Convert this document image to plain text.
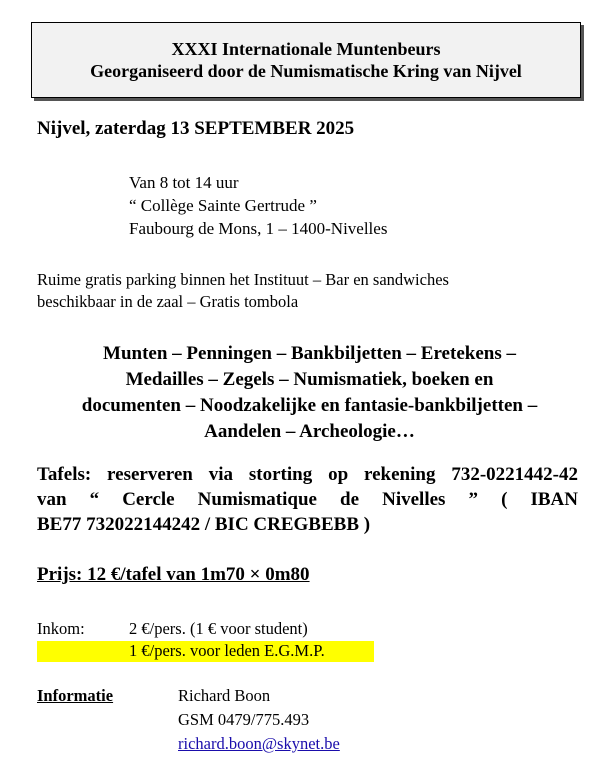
XXXI Internationale Muntenbeurs
Georganiseerd door de Numismatische Kring van Nijvel
Nijvel, zaterdag 13 SEPTEMBER 2025
Van 8 tot 14 uur
“ Collège Sainte Gertrude ”
Faubourg de Mons, 1 – 1400-Nivelles
Ruime gratis parking binnen het Instituut – Bar en sandwiches
beschikbaar in de zaal – Gratis tombola
Munten – Penningen – Bankbiljetten – Eretekens –
Medailles – Zegels – Numismatiek, boeken en
documenten – Noodzakelijke en fantasie-bankbiljetten –
Aandelen – Archeologie…
Tafels: reserveren via storting op rekening 732-0221442-42
van “ Cercle Numismatique de Nivelles ” ( IBAN
BE77 732022144242 / BIC CREGBEBB )
Prijs: 12 €/tafel van 1m70 × 0m80
Inkom:	2 €/pers. (1 € voor student)
1 €/pers. voor leden E.G.M.P.
Informatie	Richard Boon
GSM 0479/775.493
richard.boon@skynet.be
